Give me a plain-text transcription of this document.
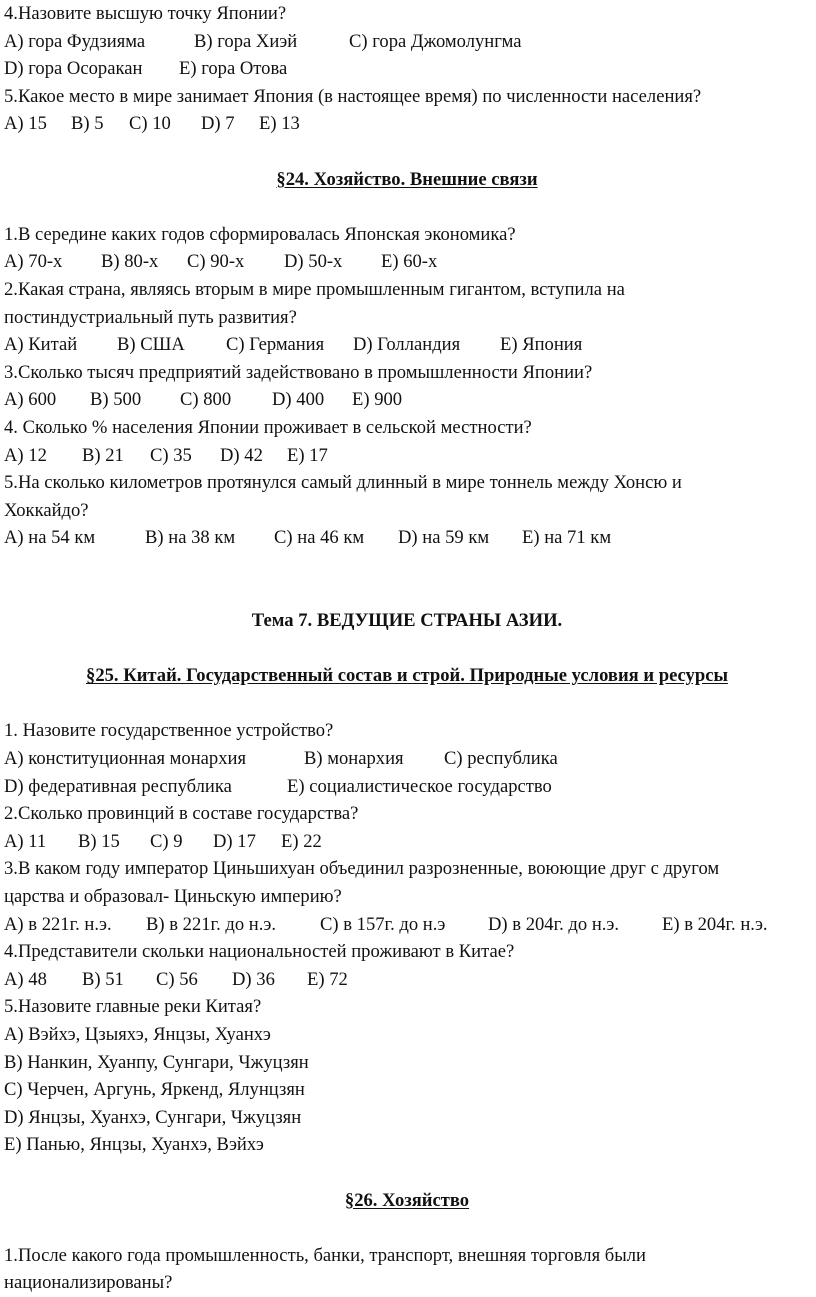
4.Назовите высшую точку Японии?
A) гора Фудзияма	B) гора Хиэй	C) гора Джомолунгма
D) гора Осоракан E) гора Отова
5.Какое место в мире занимает Япония (в настоящее время) по численности населения?
A) 15 B) 5 C) 10 D) 7 E) 13
§24. Хозяйство. Внешние связи
1.В середине каких годов сформировалась Японская экономика?
A) 70-х B) 80-х C) 90-х D) 50-х E) 60-х
2.Какая страна, являясь вторым в мире промышленным гигантом, вступила на
постиндустриальный путь развития?
A) Китай B) США C) Германия D) Голландия E) Япония
3.Сколько тысяч предприятий задействовано в промышленности Японии?
A) 600 B) 500 C) 800 D) 400 E) 900
4. Сколько % населения Японии проживает в сельской местности?
A) 12 B) 21 C) 35 D) 42 E) 17
5.На сколько километров протянулся самый длинный в мире тоннель между Хонсю и
Хоккайдо?
A) на 54 км	B) на 38 км C) на 46 км D) на 59 км E) на 71 км
Тема 7. ВЕДУЩИЕ СТРАНЫ АЗИИ.
§25. Китай. Государственный состав и строй. Природные условия и ресурсы
1. Назовите государственное устройство?
A) конституционная монархия	B) монархия C) республика
D) федеративная республика	E) социалистическое государство
2.Сколько провинций в составе государства?
A) 11 B) 15 C) 9 D) 17 E) 22
3.В каком году император Циньшихуан объединил разрозненные, воюющие друг с другом
царства и образовал- Циньскую империю?
A) в 221г. н.э. B) в 221г. до н.э. C) в 157г. до н.э D) в 204г. до н.э. E) в 204г. н.э.
4.Представители скольки национальностей проживают в Китае?
A) 48 B) 51 C) 56 D) 36 E) 72
5.Назовите главные реки Китая?
A) Вэйхэ, Цзыяхэ, Янцзы, Хуанхэ
B) Нанкин, Хуанпу, Сунгари, Чжуцзян
C) Черчен, Аргунь, Яркенд, Ялунцзян
D) Янцзы, Хуанхэ, Сунгари, Чжуцзян
E) Панью, Янцзы, Хуанхэ, Вэйхэ
§26. Хозяйство
1.После какого года промышленность, банки, транспорт, внешняя торговля были
национализированы?
